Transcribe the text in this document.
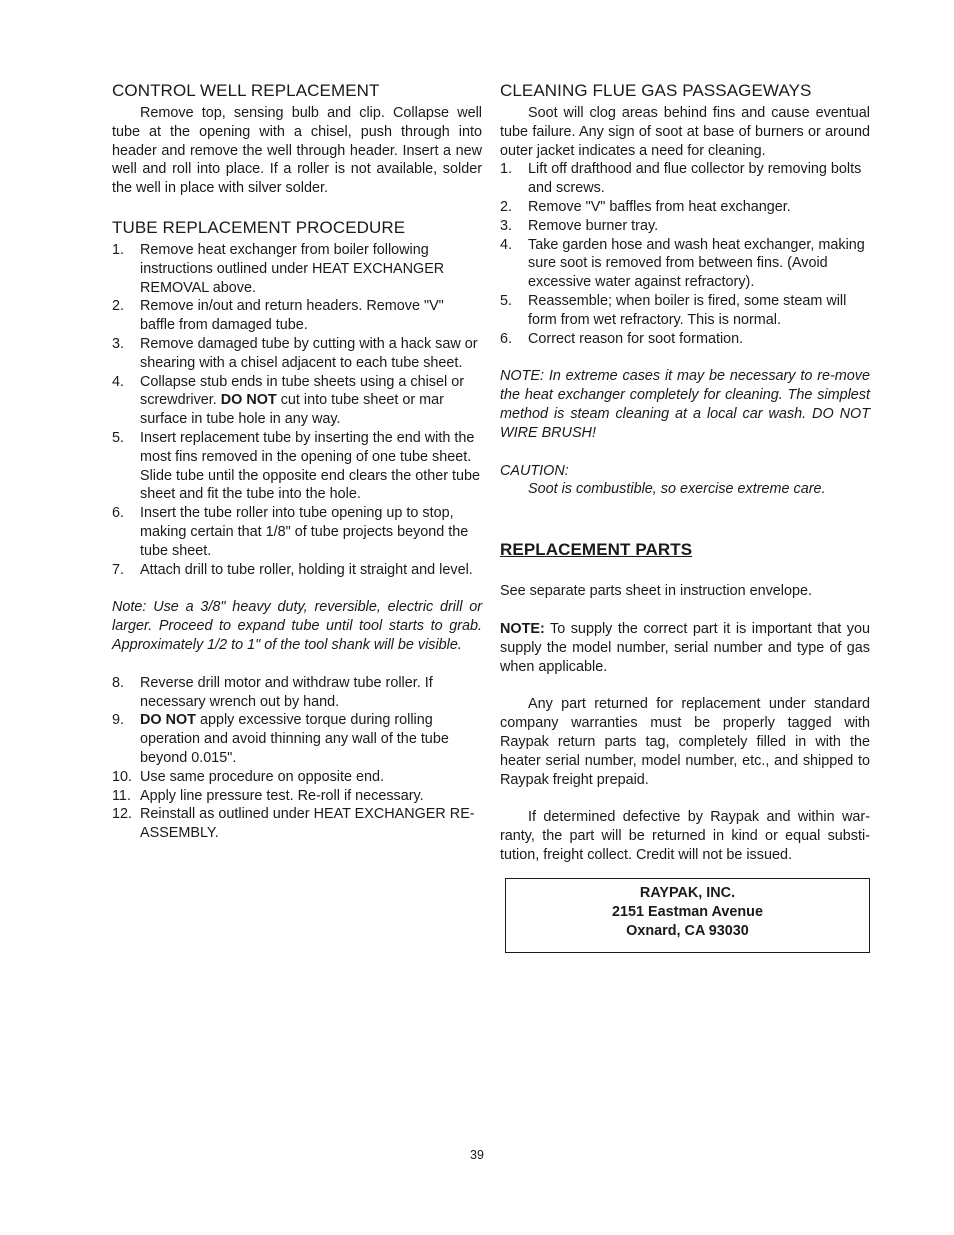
CONTROL WELL REPLACEMENT

Remove top, sensing bulb and clip. Collapse well tube at the opening with a chisel, push through into header and remove the well through header. Insert a new well and roll into place. If a roller is not available, solder the well in place with silver solder.

TUBE REPLACEMENT PROCEDURE
1. Remove heat exchanger from boiler following instructions outlined under HEAT EXCHANGER REMOVAL above.
2. Remove in/out and return headers. Remove "V" baffle from damaged tube.
3. Remove damaged tube by cutting with a hack saw or shearing with a chisel adjacent to each tube sheet.
4. Collapse stub ends in tube sheets using a chisel or screwdriver. DO NOT cut into tube sheet or mar surface in tube hole in any way.
5. Insert replacement tube by inserting the end with the most fins removed in the opening of one tube sheet. Slide tube until the opposite end clears the other tube sheet and fit the tube into the hole.
6. Insert the tube roller into tube opening up to stop, making certain that 1/8" of tube projects beyond the tube sheet.
7. Attach drill to tube roller, holding it straight and level.

Note: Use a 3/8" heavy duty, reversible, electric drill or larger. Proceed to expand tube until tool starts to grab. Approximately 1/2 to 1" of the tool shank will be visible.

8. Reverse drill motor and withdraw tube roller. If necessary wrench out by hand.
9. DO NOT apply excessive torque during rolling operation and avoid thinning any wall of the tube beyond 0.015".
10. Use same procedure on opposite end.
11. Apply line pressure test. Re-roll if necessary.
12. Reinstall as outlined under HEAT EXCHANGER RE-ASSEMBLY.
CLEANING FLUE GAS PASSAGEWAYS

Soot will clog areas behind fins and cause eventual tube failure. Any sign of soot at base of burners or around outer jacket indicates a need for cleaning.

1. Lift off drafthood and flue collector by removing bolts and screws.
2. Remove "V" baffles from heat exchanger.
3. Remove burner tray.
4. Take garden hose and wash heat exchanger, making sure soot is removed from between fins. (Avoid excessive water against refractory).
5. Reassemble; when boiler is fired, some steam will form from wet refractory. This is normal.
6. Correct reason for soot formation.

NOTE: In extreme cases it may be necessary to re-move the heat exchanger completely for cleaning. The simplest method is steam cleaning at a local car wash. DO NOT WIRE BRUSH!

CAUTION:

Soot is combustible, so exercise extreme care.

REPLACEMENT PARTS

See separate parts sheet in instruction envelope.

NOTE: To supply the correct part it is important that you supply the model number, serial number and type of gas when applicable.

Any part returned for replacement under standard company warranties must be properly tagged with Raypak return parts tag, completely filled in with the heater serial number, model number, etc., and shipped to Raypak freight prepaid.

If determined defective by Raypak and within war-ranty, the part will be returned in kind or equal substi-tution, freight collect. Credit will not be issued.

RAYPAK, INC.
2151 Eastman Avenue
Oxnard, CA 93030
39
